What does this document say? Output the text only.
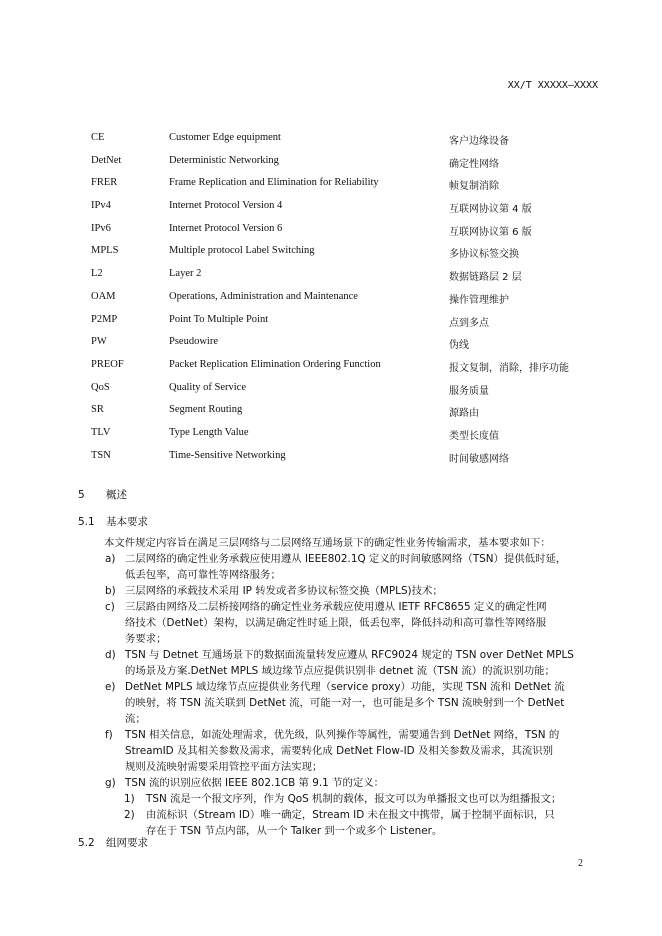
XX/T XXXXX—XXXX
CE	Customer Edge equipment	客户边缘设备
DetNet	Deterministic Networking	确定性网络
FRER	Frame Replication and Elimination for Reliability	帧复制消除
IPv4	Internet Protocol Version 4	互联网协议第 4 版
IPv6	Internet Protocol Version 6	互联网协议第 6 版
MPLS	Multiple protocol Label Switching	多协议标签交换
L2	Layer 2	数据链路层 2 层
OAM	Operations, Administration and Maintenance	操作管理维护
P2MP	Point To Multiple Point	点到多点
PW	Pseudowire	伪线
PREOF	Packet Replication Elimination Ordering Function	报文复制，消除，排序功能
QoS	Quality of Service	服务质量
SR	Segment Routing	源路由
TLV	Type Length Value	类型长度值
TSN	Time-Sensitive Networking	时间敏感网络
5 概述
5.1 基本要求
本文件规定内容旨在满足三层网络与二层网络互通场景下的确定性业务传输需求，基本要求如下：
a) 二层网络的确定性业务承载应使用遵从 IEEE802.1Q 定义的时间敏感网络（TSN）提供低时延，
低丢包率，高可靠性等网络服务；
b) 三层网络的承载技术采用 IP 转发或者多协议标签交换（MPLS)技术；
c) 三层路由网络及二层桥接网络的确定性业务承载应使用遵从 IETF RFC8655 定义的确定性网
络技术（DetNet）架构，以满足确定性时延上限，低丢包率，降低抖动和高可靠性等网络服
务要求；
d) TSN 与 Detnet 互通场景下的数据面流量转发应遵从 RFC9024 规定的 TSN over DetNet MPLS
的场景及方案.DetNet MPLS 域边缘节点应提供识别非 detnet 流（TSN 流）的流识别功能；
e) DetNet MPLS 域边缘节点应提供业务代理（service proxy）功能，实现 TSN 流和 DetNet 流
的映射，将 TSN 流关联到 DetNet 流，可能一对一，也可能是多个 TSN 流映射到一个 DetNet
流；
f) TSN 相关信息，如流处理需求，优先级，队列操作等属性，需要通告到 DetNet 网络，TSN 的
StreamID 及其相关参数及需求，需要转化成 DetNet Flow-ID 及相关参数及需求，其流识别
规则及流映射需要采用管控平面方法实现；
g) TSN 流的识别应依据 IEEE 802.1CB 第 9.1 节的定义：
1) TSN 流是一个报文序列，作为 QoS 机制的载体，报文可以为单播报文也可以为组播报文；
2) 由流标识（Stream ID）唯一确定，Stream ID 未在报文中携带，属于控制平面标识，只
存在于 TSN 节点内部，从一个 Talker 到一个或多个 Listener。
5.2 组网要求
2
